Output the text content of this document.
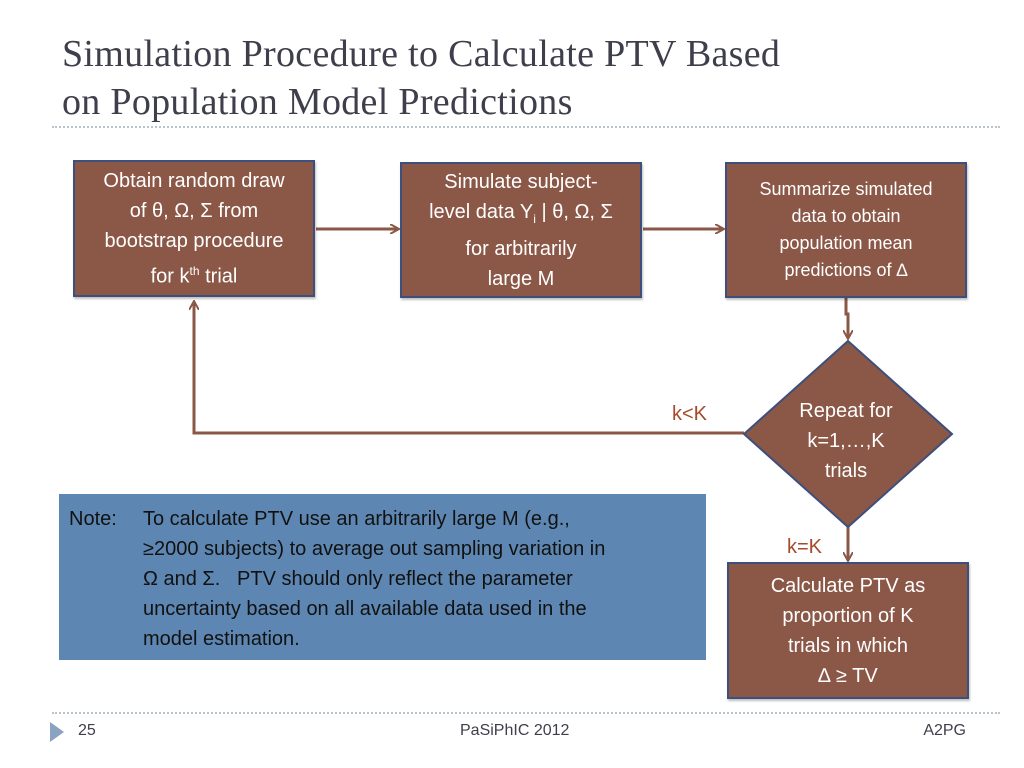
Simulation Procedure to Calculate PTV Based
on Population Model Predictions
Obtain random draw
of θ, Ω, Σ from
bootstrap procedure
for $k^{th}$ trial
Simulate subject-
level data $Y_i$ | θ, Ω, Σ
for arbitrarily
large M
Summarize simulated
data to obtain
population mean
predictions of ∆
Repeat for
k=1,…,K
trials
Calculate PTV as
proportion of K
trials in which
∆ ≥ TV
k<K
k=K
Note:	To calculate PTV use an arbitrarily large M (e.g.,
≥2000 subjects) to average out sampling variation in
Ω and Σ.   PTV should only reflect the parameter
uncertainty based on all available data used in the
model estimation.
25	PaSiPhIC 2012	A2PG
